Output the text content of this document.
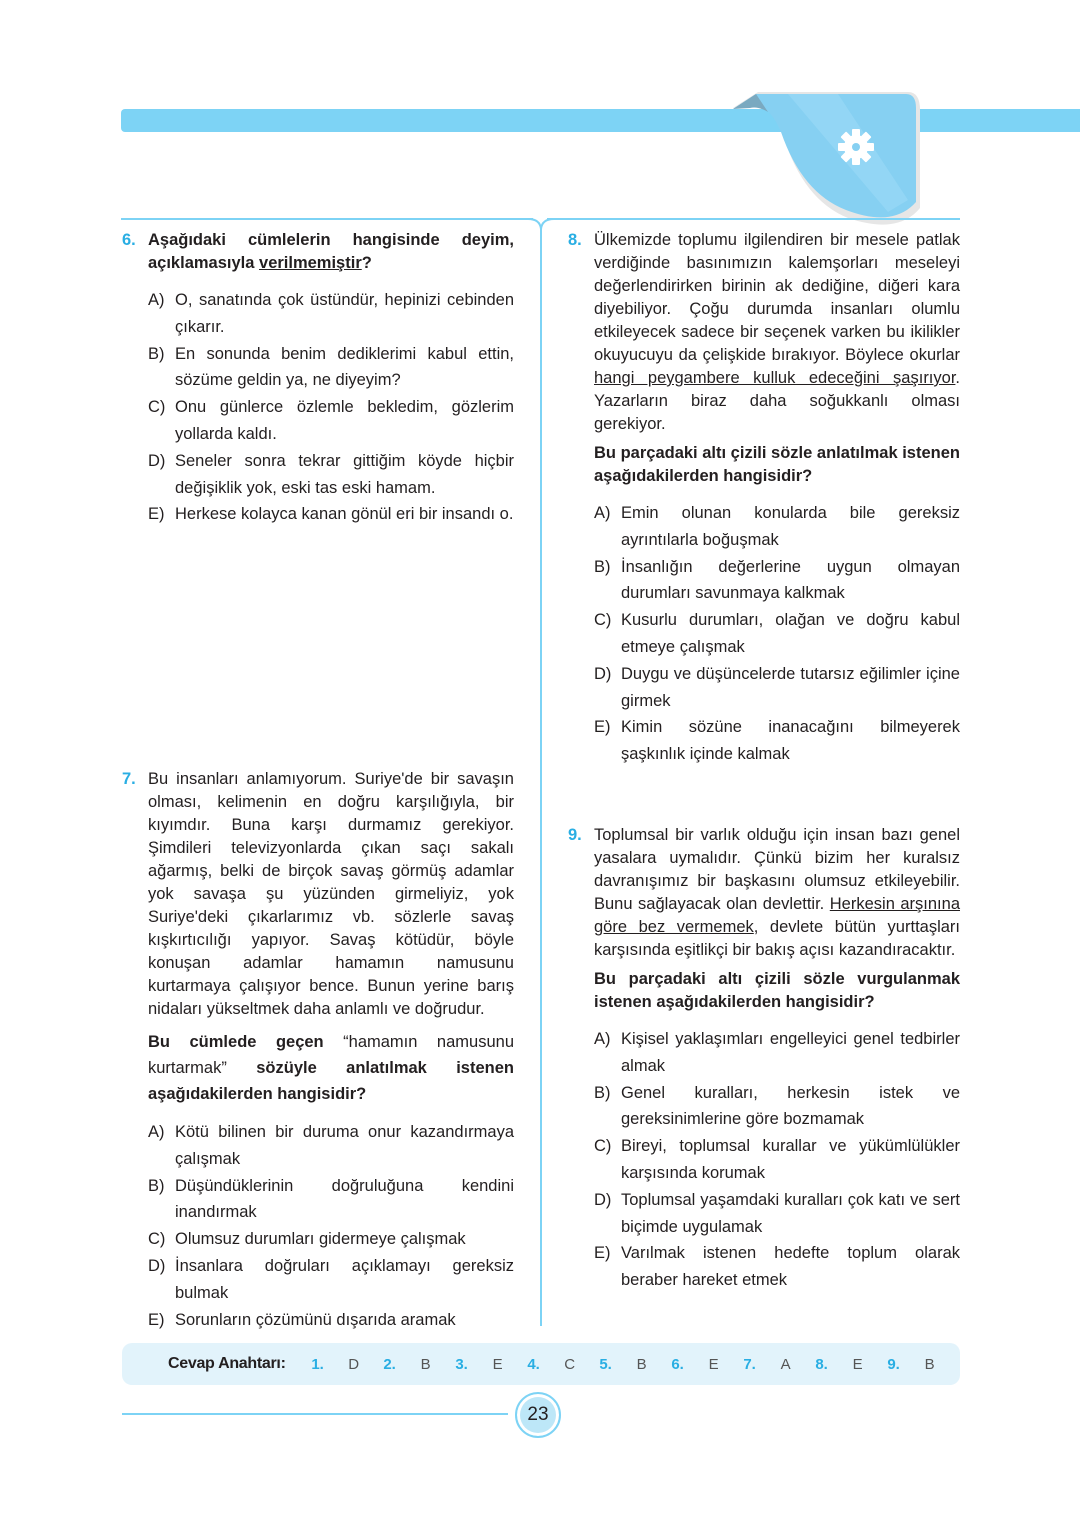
6. Aşağıdaki cümlelerin hangisinde deyim, açıklamasıyla verilmemiştir?
A) O, sanatında çok üstündür, hepinizi cebinden çıkarır.
B) En sonunda benim dediklerimi kabul ettin, sözüme geldin ya, ne diyeyim?
C) Onu günlerce özlemle bekledim, gözlerim yollarda kaldı.
D) Seneler sonra tekrar gittiğim köyde hiçbir değişiklik yok, eski tas eski hamam.
E) Herkese kolayca kanan gönül eri bir insandı o.
7. Bu insanları anlamıyorum. Suriye'de bir savaşın olması, kelimenin en doğru karşılığıyla, bir kıyımdır. Buna karşı durmamız gerekiyor. Şimdileri televizyonlarda çıkan saçı sakalı ağarmış, belki de birçok savaş görmüş adamlar yok savaşa şu yüzünden girmeliyiz, yok Suriye'deki çıkarlarımız vb. sözlerle savaş kışkırtıcılığı yapıyor. Savaş kötüdür, böyle konuşan adamlar hamamın namusunu kurtarmaya çalışıyor bence. Bunun yerine barış nidaları yükseltmek daha anlamlı ve doğrudur.
Bu cümlede geçen “hamamın namusunu kurtarmak” sözüyle anlatılmak istenen aşağıdakilerden hangisidir?
A) Kötü bilinen bir duruma onur kazandırmaya çalışmak
B) Düşündüklerinin doğruluğuna kendini inandırmak
C) Olumsuz durumları gidermeye çalışmak
D) İnsanlara doğruları açıklamayı gereksiz bulmak
E) Sorunların çözümünü dışarıda aramak
8. Ülkemizde toplumu ilgilendiren bir mesele patlak verdiğinde basınımızın kalemşorları meseleyi değerlendirirken birinin ak dediğine, diğeri kara diyebiliyor. Çoğu durumda insanları olumlu etkileyecek sadece bir seçenek varken bu ikilikler okuyucuyu da çelişkide bırakıyor. Böylece okurlar hangi peygambere kulluk edeceğini şaşırıyor. Yazarların biraz daha soğukkanlı olması gerekiyor.
Bu parçadaki altı çizili sözle anlatılmak istenen aşağıdakilerden hangisidir?
A) Emin olunan konularda bile gereksiz ayrıntılarla boğuşmak
B) İnsanlığın değerlerine uygun olmayan durumları savunmaya kalkmak
C) Kusurlu durumları, olağan ve doğru kabul etmeye çalışmak
D) Duygu ve düşüncelerde tutarsız eğilimler içine girmek
E) Kimin sözüne inanacağını bilmeyerek şaşkınlık içinde kalmak
9. Toplumsal bir varlık olduğu için insan bazı genel yasalara uymalıdır. Çünkü bizim her kuralsız davranışımız bir başkasını olumsuz etkileyebilir. Bunu sağlayacak olan devlettir. Herkesin arşınına göre bez vermemek, devlete bütün yurttaşları karşısında eşitlikçi bir bakış açısı kazandıracaktır.
Bu parçadaki altı çizili sözle vurgulanmak istenen aşağıdakilerden hangisidir?
A) Kişisel yaklaşımları engelleyici genel tedbirler almak
B) Genel kuralları, herkesin istek ve gereksinimlerine göre bozmamak
C) Bireyi, toplumsal kurallar ve yükümlülükler karşısında korumak
D) Toplumsal yaşamdaki kuralları çok katı ve sert biçimde uygulamak
E) Varılmak istenen hedefte toplum olarak beraber hareket etmek
Cevap Anahtarı:	1.	D	2.	B	3.	E	4.	C	5.	B	6.	E	7.	A	8.	E	9.	B
23
